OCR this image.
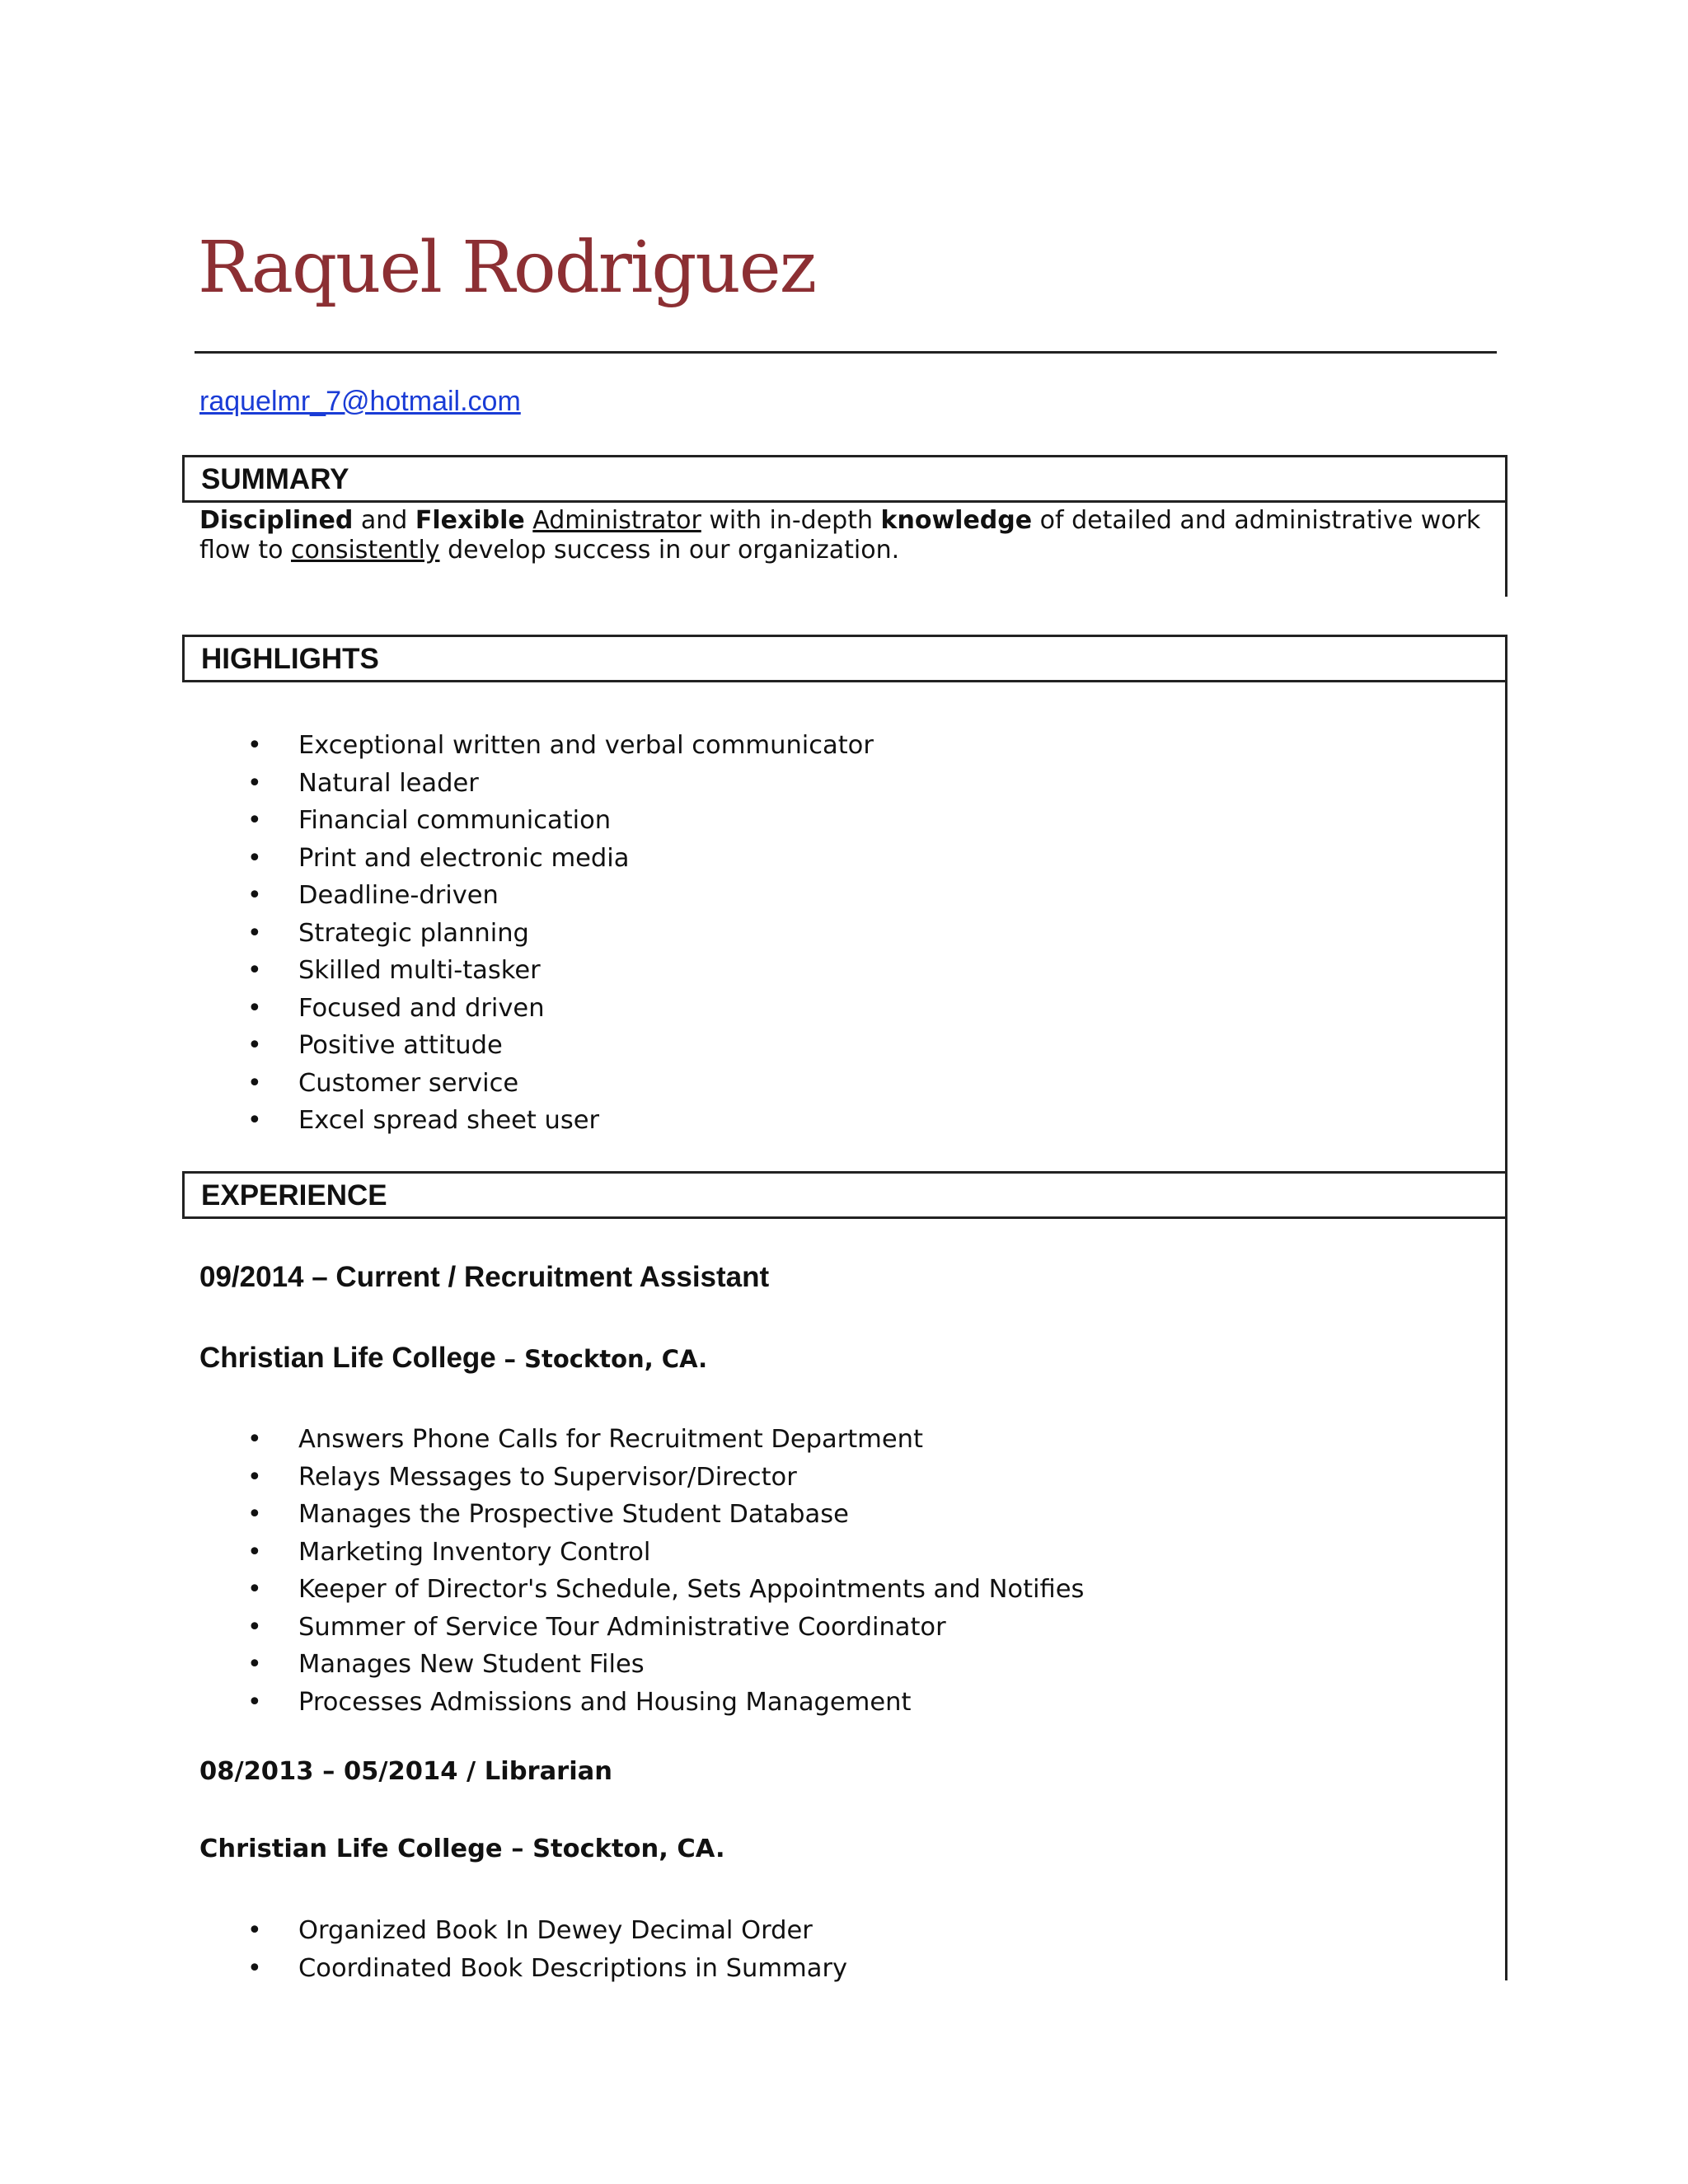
Raquel Rodriguez
raquelmr_7@hotmail.com
SUMMARY

Disciplined and Flexible Administrator with in-depth knowledge of detailed and administrative work flow to consistently develop success in our organization.

HIGHLIGHTS
• Exceptional written and verbal communicator
• Natural leader
• Financial communication
• Print and electronic media
• Deadline-driven
• Strategic planning
• Skilled multi-tasker
• Focused and driven
• Positive attitude
• Customer service
• Excel spread sheet user
EXPERIENCE
09/2014 – Current / Recruitment Assistant
Christian Life College – Stockton, CA.
• Answers Phone Calls for Recruitment Department
• Relays Messages to Supervisor/Director
• Manages the Prospective Student Database
• Marketing Inventory Control
• Keeper of Director's Schedule, Sets Appointments and Notifies
• Summer of Service Tour Administrative Coordinator
• Manages New Student Files
• Processes Admissions and Housing Management
08/2013 – 05/2014 / Librarian
Christian Life College – Stockton, CA.
• Organized Book In Dewey Decimal Order
• Coordinated Book Descriptions in Summary
